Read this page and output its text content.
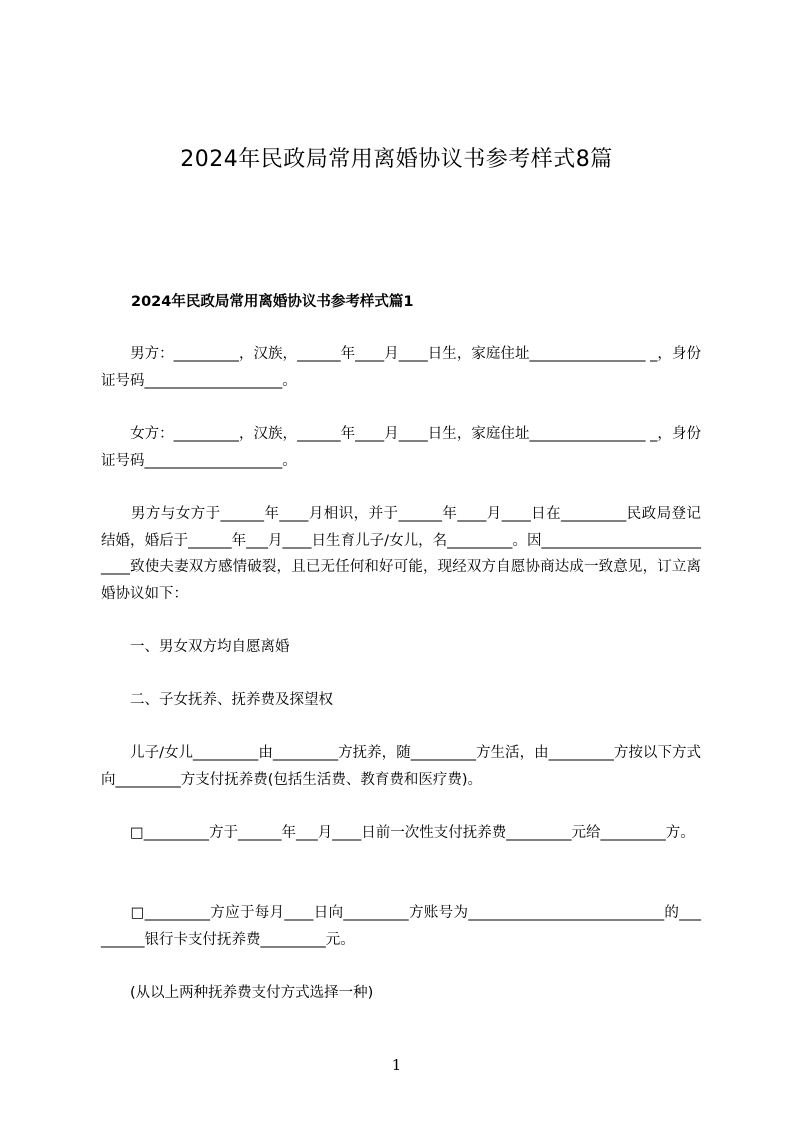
2024年民政局常用离婚协议书参考样式8篇
2024年民政局常用离婚协议书参考样式篇1
　　男方：_________，汉族，______年____月____日生，家庭住址________________ _，身份证号码___________________。
　　女方：_________，汉族，______年____月____日生，家庭住址________________ _，身份证号码___________________。
　　男方与女方于______年____月相识，并于______年____月____日在_________民政局登记结婚，婚后于______年___月____日生育儿子/女儿，名_________。因__________________________致使夫妻双方感情破裂，且已无任何和好可能，现经双方自愿协商达成一致意见，订立离婚协议如下：
　　一、男女双方均自愿离婚
　　二、子女抚养、抚养费及探望权
　　儿子/女儿_________由_________方抚养，随_________方生活，由_________方按以下方式向_________方支付抚养费(包括生活费、教育费和医疗费)。
　　□_________方于______年___月____日前一次性支付抚养费_________元给_________方。
　　□_________方应于每月____日向_________方账号为___________________________的_________银行卡支付抚养费_________元。
　　(从以上两种抚养费支付方式选择一种)
1
